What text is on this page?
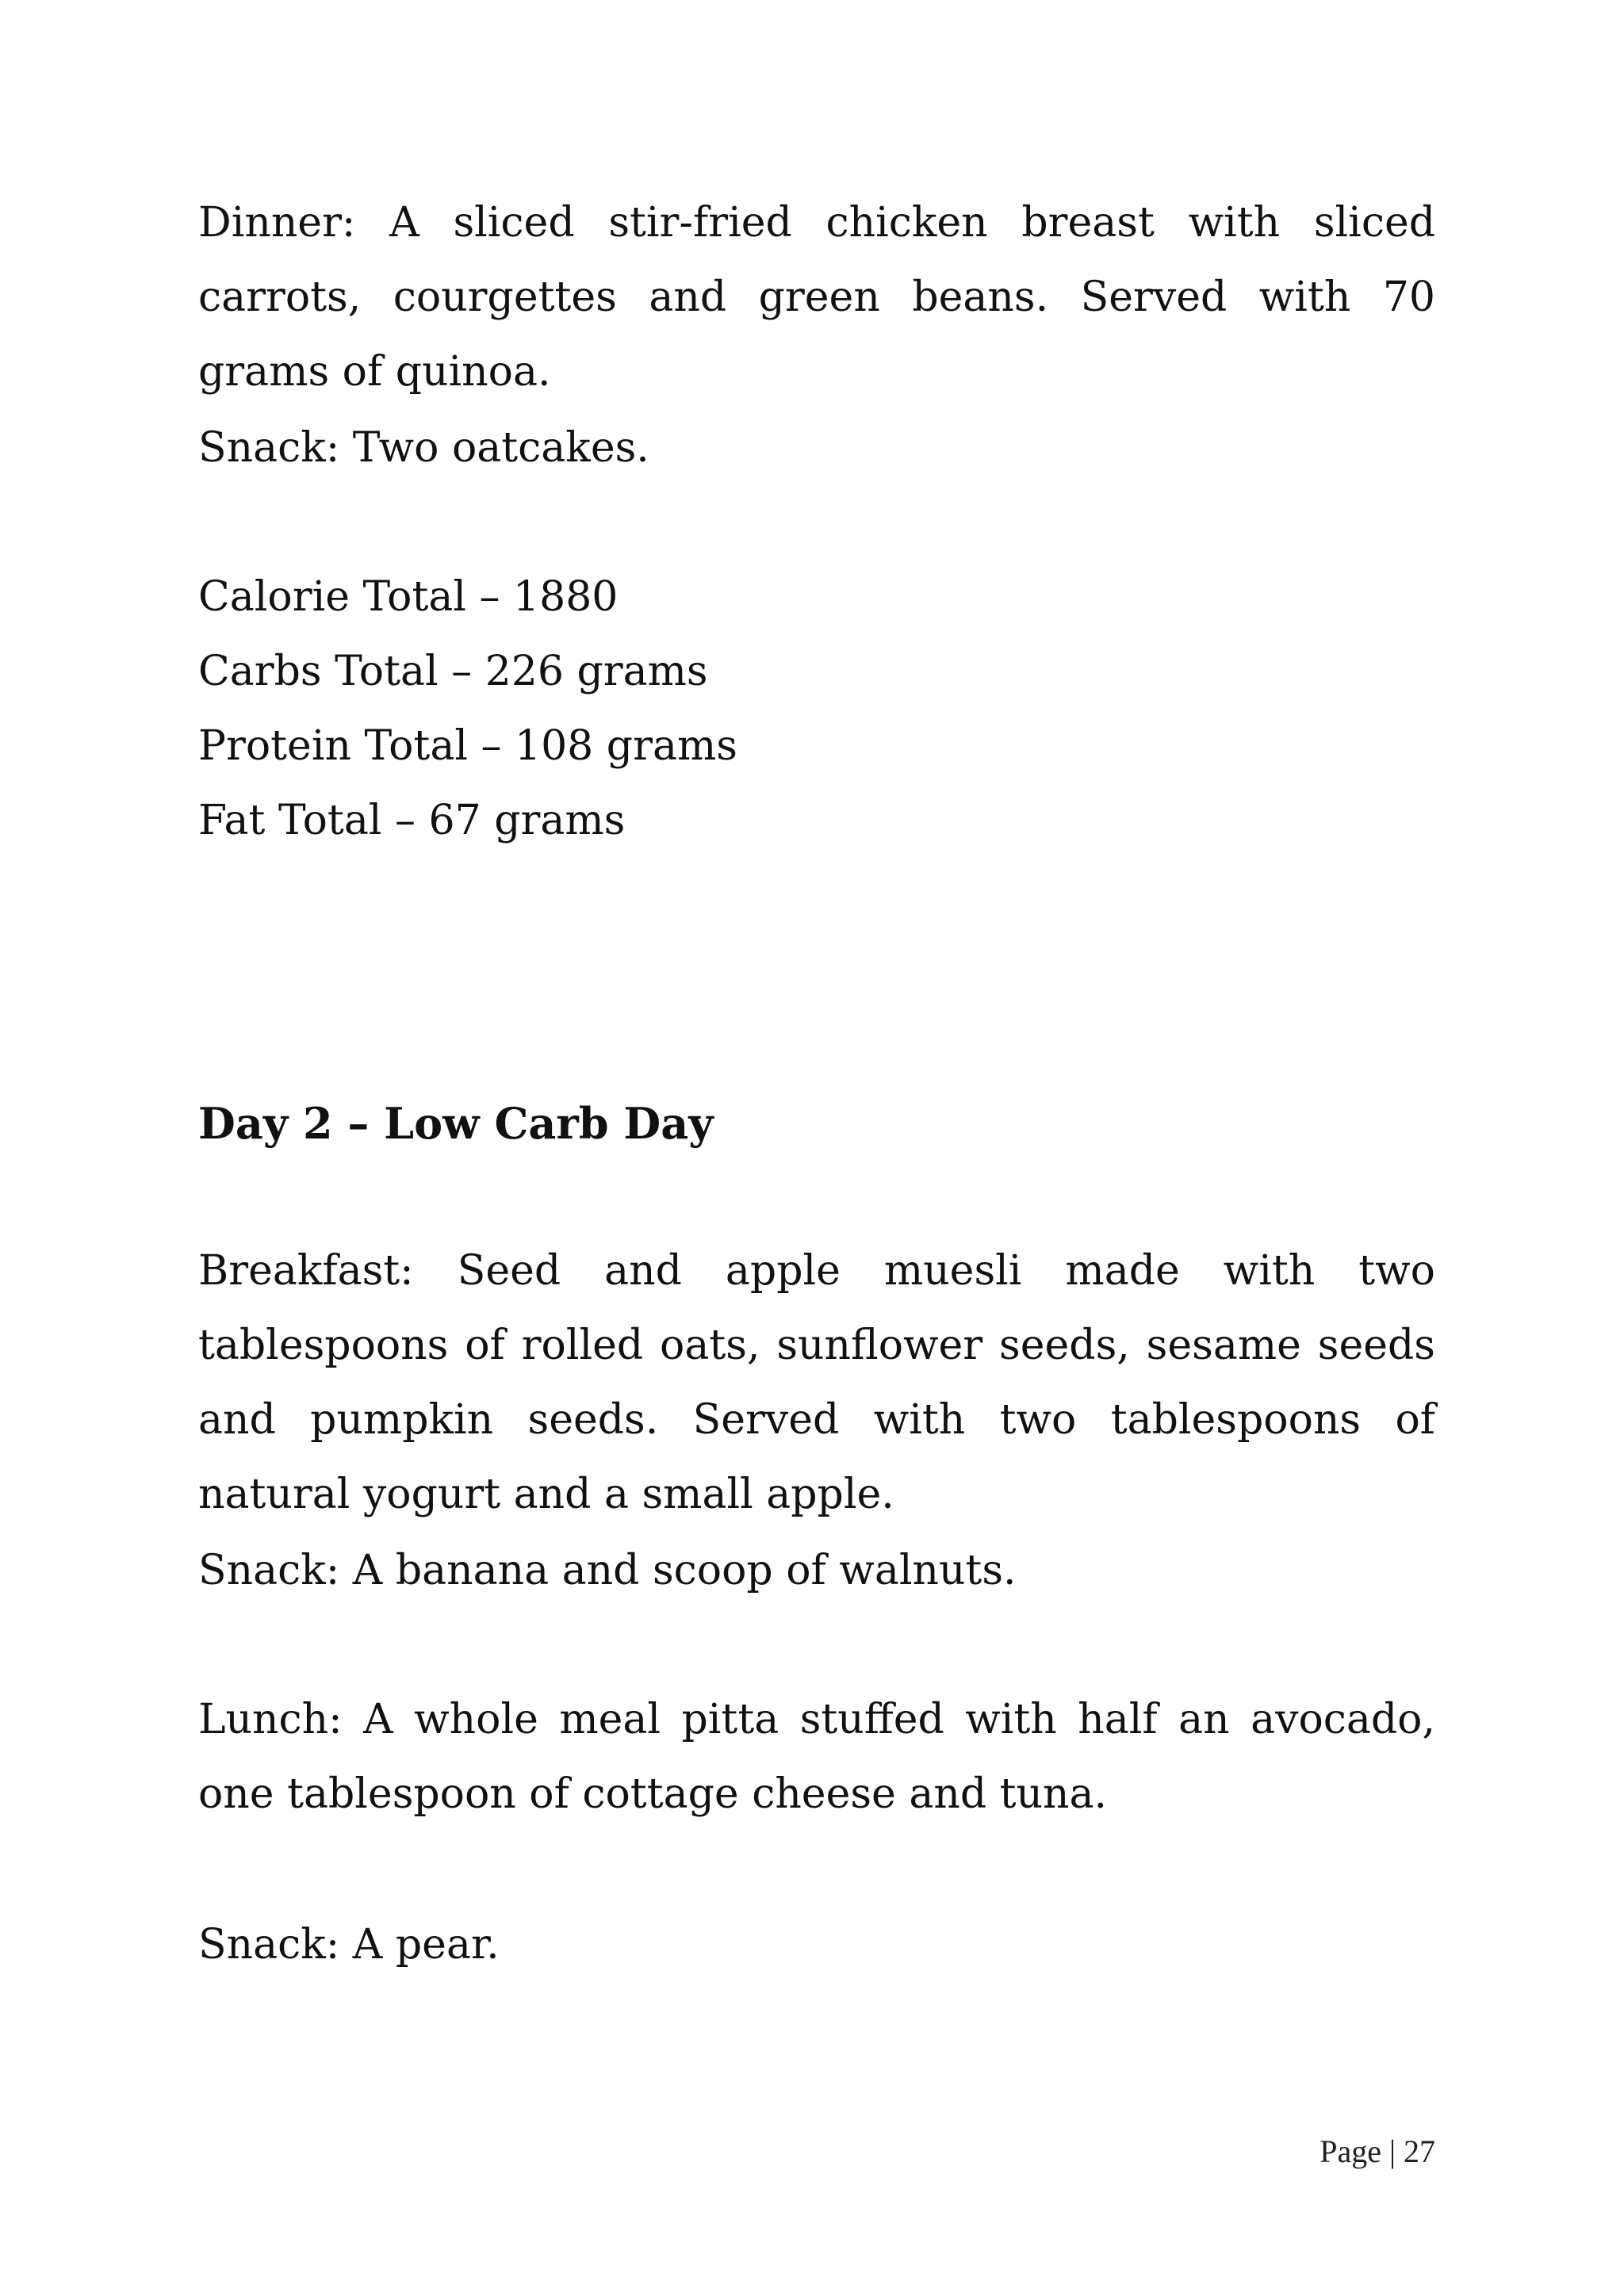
Dinner: A sliced stir-fried chicken breast with sliced carrots, courgettes and green beans. Served with 70 grams of quinoa.

Snack: Two oatcakes.

Calorie Total – 1880
Carbs Total – 226 grams
Protein Total – 108 grams
Fat Total – 67 grams
Day 2 – Low Carb Day

Breakfast: Seed and apple muesli made with two tablespoons of rolled oats, sunflower seeds, sesame seeds and pumpkin seeds. Served with two tablespoons of natural yogurt and a small apple.

Snack: A banana and scoop of walnuts.

Lunch: A whole meal pitta stuffed with half an avocado, one tablespoon of cottage cheese and tuna.

Snack: A pear.

Page | 27
